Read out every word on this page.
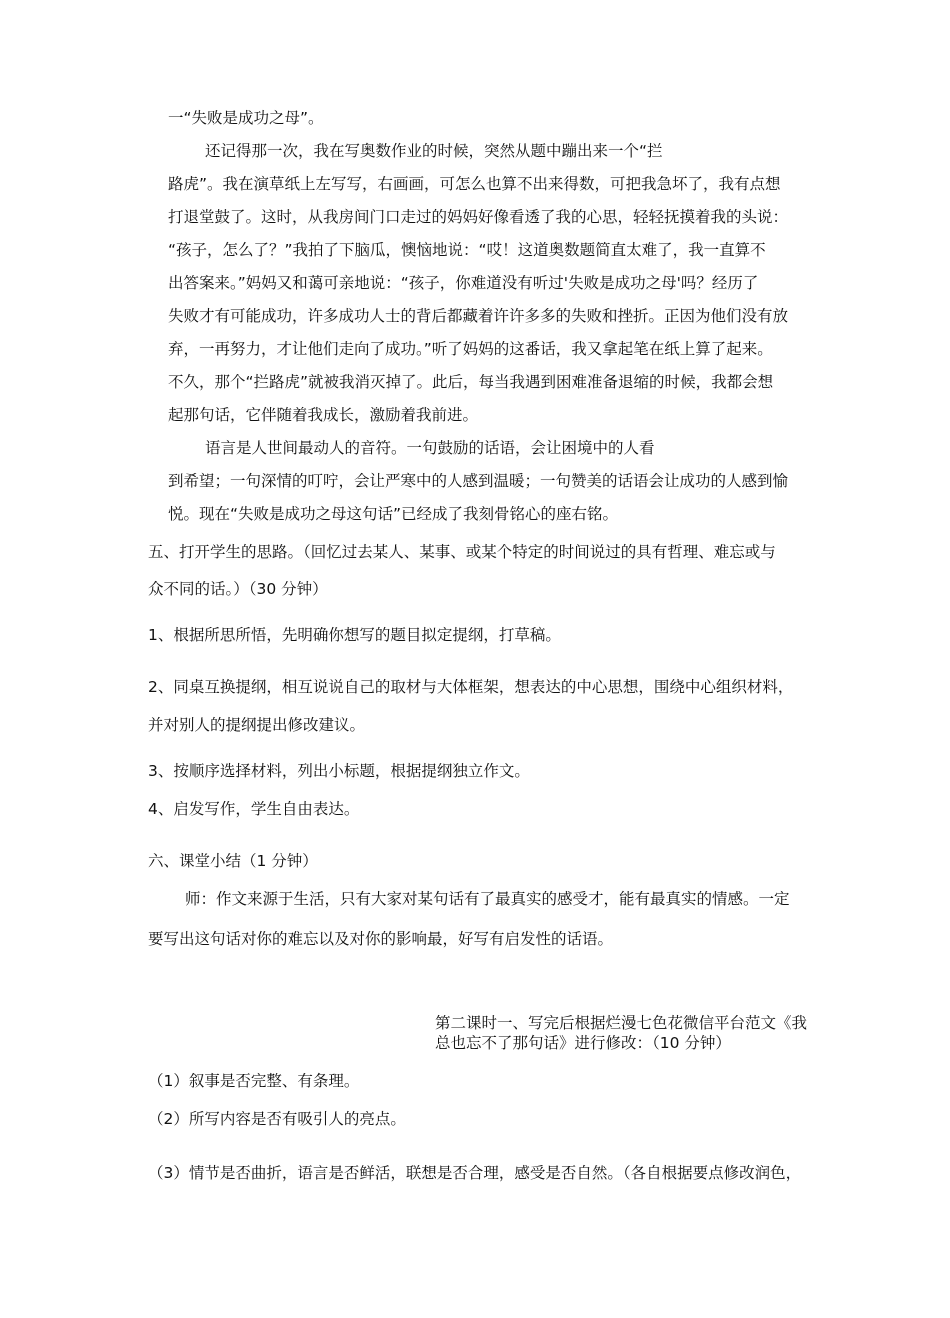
一“失败是成功之母”。
还记得那一次，我在写奥数作业的时候，突然从题中蹦出来一个“拦
路虎”。我在演草纸上左写写，右画画，可怎么也算不出来得数，可把我急坏了，我有点想
打退堂鼓了。这时，从我房间门口走过的妈妈好像看透了我的心思，轻轻抚摸着我的头说：
“孩子，怎么了？”我拍了下脑瓜，懊恼地说：“哎！这道奥数题简直太难了，我一直算不
出答案来。”妈妈又和蔼可亲地说：“孩子，你难道没有听过'失败是成功之母'吗？经历了
失败才有可能成功，许多成功人士的背后都藏着许许多多的失败和挫折。正因为他们没有放
弃，一再努力，才让他们走向了成功。”听了妈妈的这番话，我又拿起笔在纸上算了起来。
不久，那个“拦路虎”就被我消灭掉了。此后，每当我遇到困难准备退缩的时候，我都会想
起那句话，它伴随着我成长，激励着我前进。
语言是人世间最动人的音符。一句鼓励的话语，会让困境中的人看
到希望；一句深情的叮咛，会让严寒中的人感到温暖；一句赞美的话语会让成功的人感到愉
悦。现在“失败是成功之母这句话”已经成了我刻骨铭心的座右铭。
五、打开学生的思路。（回忆过去某人、某事、或某个特定的时间说过的具有哲理、难忘或与
众不同的话。）（30 分钟）
1、根据所思所悟，先明确你想写的题目拟定提纲，打草稿。
2、同桌互换提纲，相互说说自己的取材与大体框架，想表达的中心思想，围绕中心组织材料，
并对别人的提纲提出修改建议。
3、按顺序选择材料，列出小标题，根据提纲独立作文。
4、启发写作，学生自由表达。
六、课堂小结（1 分钟）
师：作文来源于生活，只有大家对某句话有了最真实的感受才，能有最真实的情感。一定
要写出这句话对你的难忘以及对你的影响最，好写有启发性的话语。
第二课时一、写完后根据烂漫七色花微信平台范文《我
总也忘不了那句话》进行修改：（10 分钟）
（1）叙事是否完整、有条理。
（2）所写内容是否有吸引人的亮点。
（3）情节是否曲折，语言是否鲜活，联想是否合理，感受是否自然。（各自根据要点修改润色，
